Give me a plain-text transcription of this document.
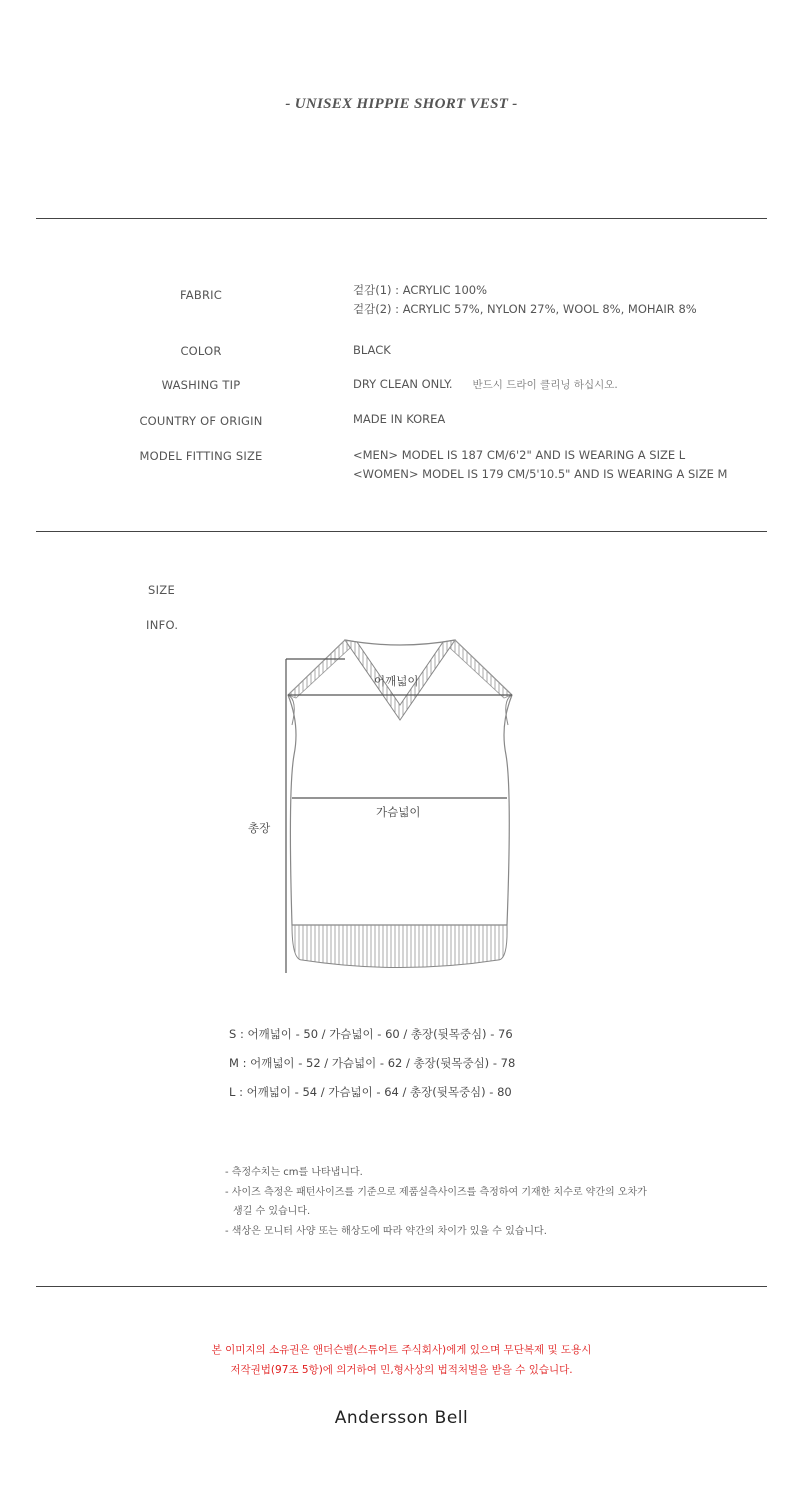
- UNISEX HIPPIE SHORT VEST -
FABRIC	겉감(1) : ACRYLIC 100%
겉감(2) : ACRYLIC 57%, NYLON 27%, WOOL 8%, MOHAIR 8%
COLOR	BLACK
WASHING TIP	DRY CLEAN ONLY. 반드시 드라이 클리닝 하십시오.
COUNTRY OF ORIGIN	MADE IN KOREA
MODEL FITTING SIZE	<MEN> MODEL IS 187 CM/6'2" AND IS WEARING A SIZE L
<WOMEN> MODEL IS 179 CM/5'10.5" AND IS WEARING A SIZE M
SIZE
INFO.
어깨넓이
가슴넓이
총장
S : 어깨넓이 - 50 / 가슴넓이 - 60 / 총장(뒷목중심) - 76
M : 어깨넓이 - 52 / 가슴넓이 - 62 / 총장(뒷목중심) - 78
L : 어깨넓이 - 54 / 가슴넓이 - 64 / 총장(뒷목중심) - 80
- 측정수치는 cm를 나타냅니다.
- 사이즈 측정은 패턴사이즈를 기준으로 제품실측사이즈를 측정하여 기재한 치수로 약간의 오차가
생길 수 있습니다.
- 색상은 모니터 사양 또는 해상도에 따라 약간의 차이가 있을 수 있습니다.
본 이미지의 소유권은 앤더슨벨(스튜어트 주식회사)에게 있으며 무단복제 및 도용시
저작권법(97조 5항)에 의거하여 민,형사상의 법적처벌을 받을 수 있습니다.
Andersson Bell
